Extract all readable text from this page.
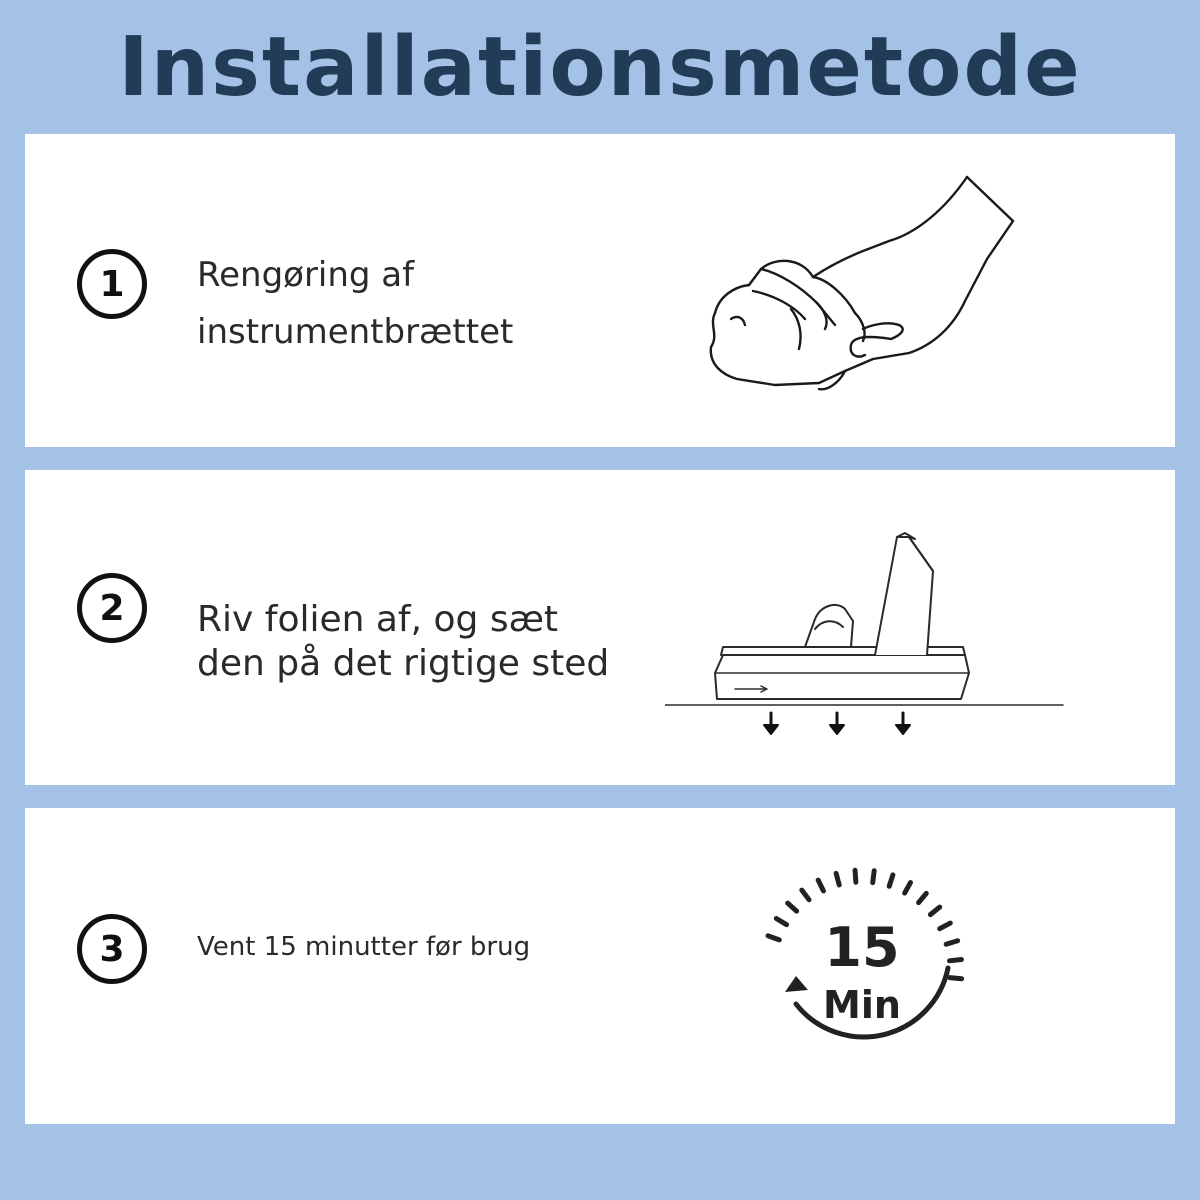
Installationsmetode
1	Rengøring af
instrumentbrættet
2	Riv folien af, og sæt
den på det rigtige sted
3	Vent 15 minutter før brug	15
Min
